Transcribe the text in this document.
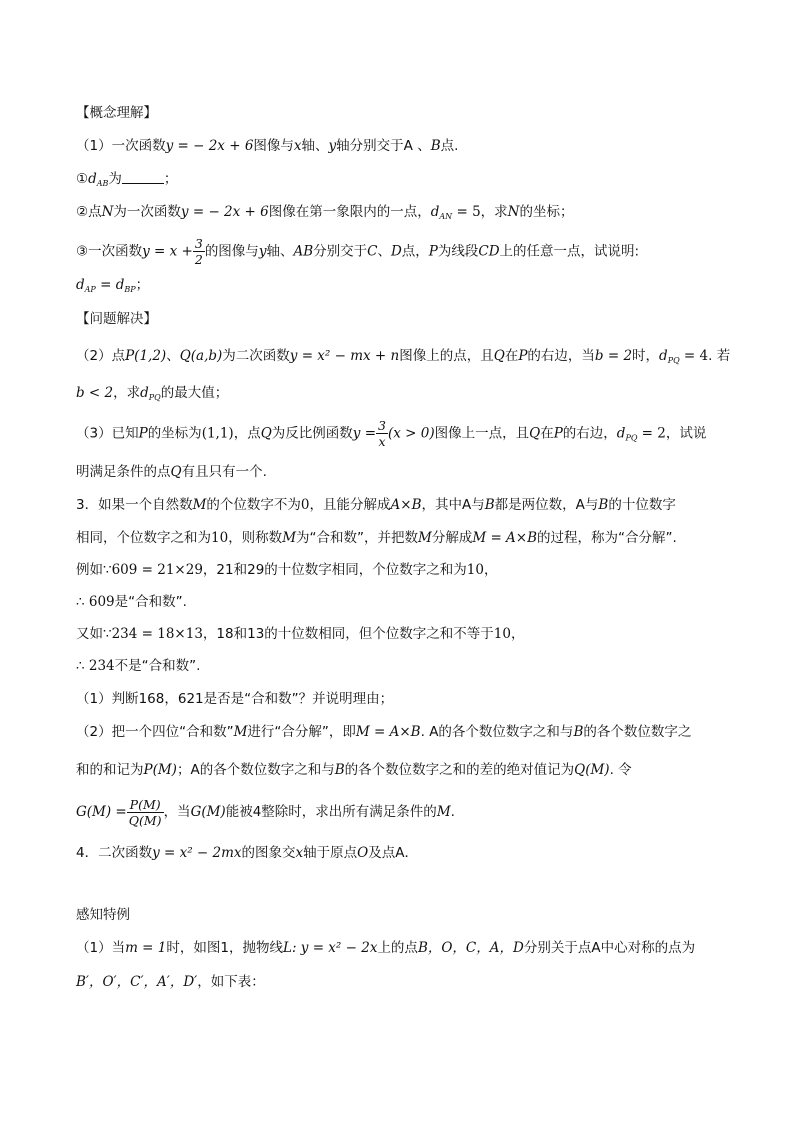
【概念理解】
（1）一次函数y = − 2x + 6图像与x轴、y轴分别交于A 、B点.
$①d_{AB}$为	；
②点N为一次函数y = − 2x + 6图像在第一象限内的一点，$d_{AN} = 5$，求N的坐标；
③一次函数$y = x + \frac{3}{2}$ 的图像与y轴、AB分别交于C、D点，P为线段CD上的任意一点，试说明:
$d_{AP} = d_{BP}$；
【问题解决】
（2）点P(1,2)、Q(a,b)为二次函数y = x² − mx + n图像上的点，且Q在P的右边，当b = 2时，$d_{PQ} = 4$. 若
b < 2，求$d_{PQ}$的最大值；
（3）已知P的坐标为(1,1)，点Q为反比例函数$y = \frac{3}{x} (x > 0)$图像上一点，且Q在P的右边，$d_{PQ} = 2$，试说
明满足条件的点Q有且只有一个.
3．如果一个自然数M的个位数字不为0，且能分解成A×B，其中A与B都是两位数，A与B的十位数字
相同，个位数字之和为10，则称数M为“合和数”，并把数M分解成M = A×B的过程，称为“合分解”.
例如∵609 = 21×29，21和29的十位数字相同，个位数字之和为10，
∴ 609是“合和数”.
又如∵234 = 18×13，18和13的十位数相同，但个位数字之和不等于10，
∴ 234不是“合和数”.
（1）判断168，621是否是“合和数”？并说明理由；
（2）把一个四位“合和数”M进行“合分解”，即M = A×B. A的各个数位数字之和与B的各个数位数字之
和的和记为P(M)；A的各个数位数字之和与B的各个数位数字之和的差的绝对值记为Q(M). 令
$G(M) = \frac{P(M)}{Q(M)}$ ，当G(M)能被4整除时，求出所有满足条件的M.
4．二次函数y = x² − 2mx的图象交x轴于原点O及点A．
感知特例
（1）当m = 1时，如图1，抛物线L: y = x² − 2x上的点B，O，C，A，D分别关于点A中心对称的点为
B′，O′，C′，A′，D′，如下表：
